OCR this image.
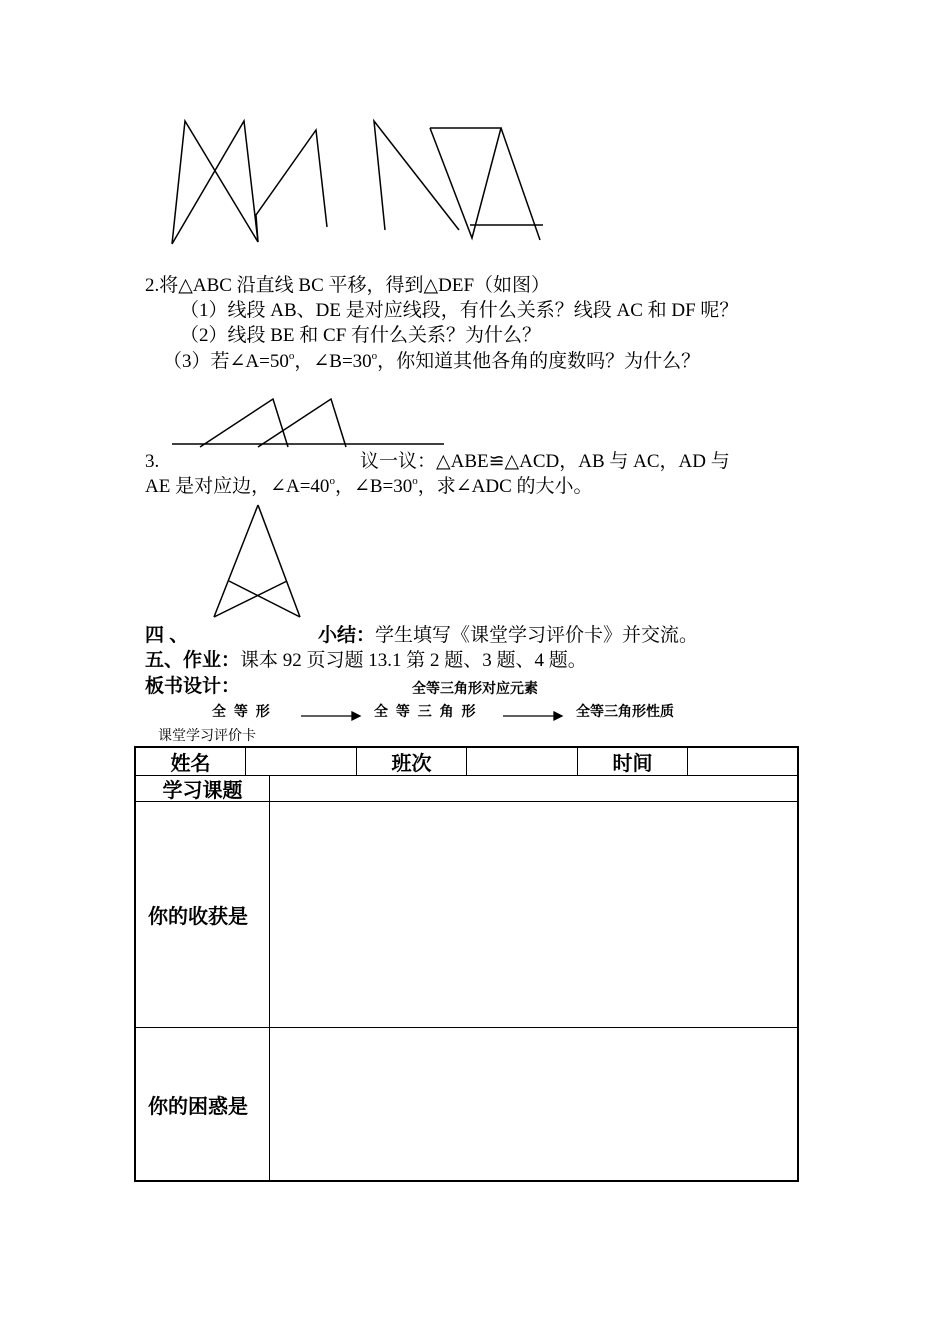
2.将△ABC 沿直线 BC 平移，得到△DEF（如图）
（1）线段 AB、DE 是对应线段，有什么关系？线段 AC 和 DF 呢？
（2）线段 BE 和 CF 有什么关系？为什么？
（3）若$\angle A=50^o$，$\angle B=30^o$，你知道其他各角的度数吗？为什么？
3.	议一议：△ABE≌△ACD，AB 与 AC，AD 与
AE 是对应边，$\angle A=40^o$，$\angle B=30^o$，求∠ADC 的大小。
四 、	小结：学生填写《课堂学习评价卡》并交流。
五、作业：课本 92 页习题 13.1 第 2 题、3 题、4 题。
板书设计：	全等三角形对应元素
全 等 形	全 等 三 角 形	全等三角形性质
课堂学习评价卡
姓名	班次	时间
学习课题
你的收获是
你的困惑是
